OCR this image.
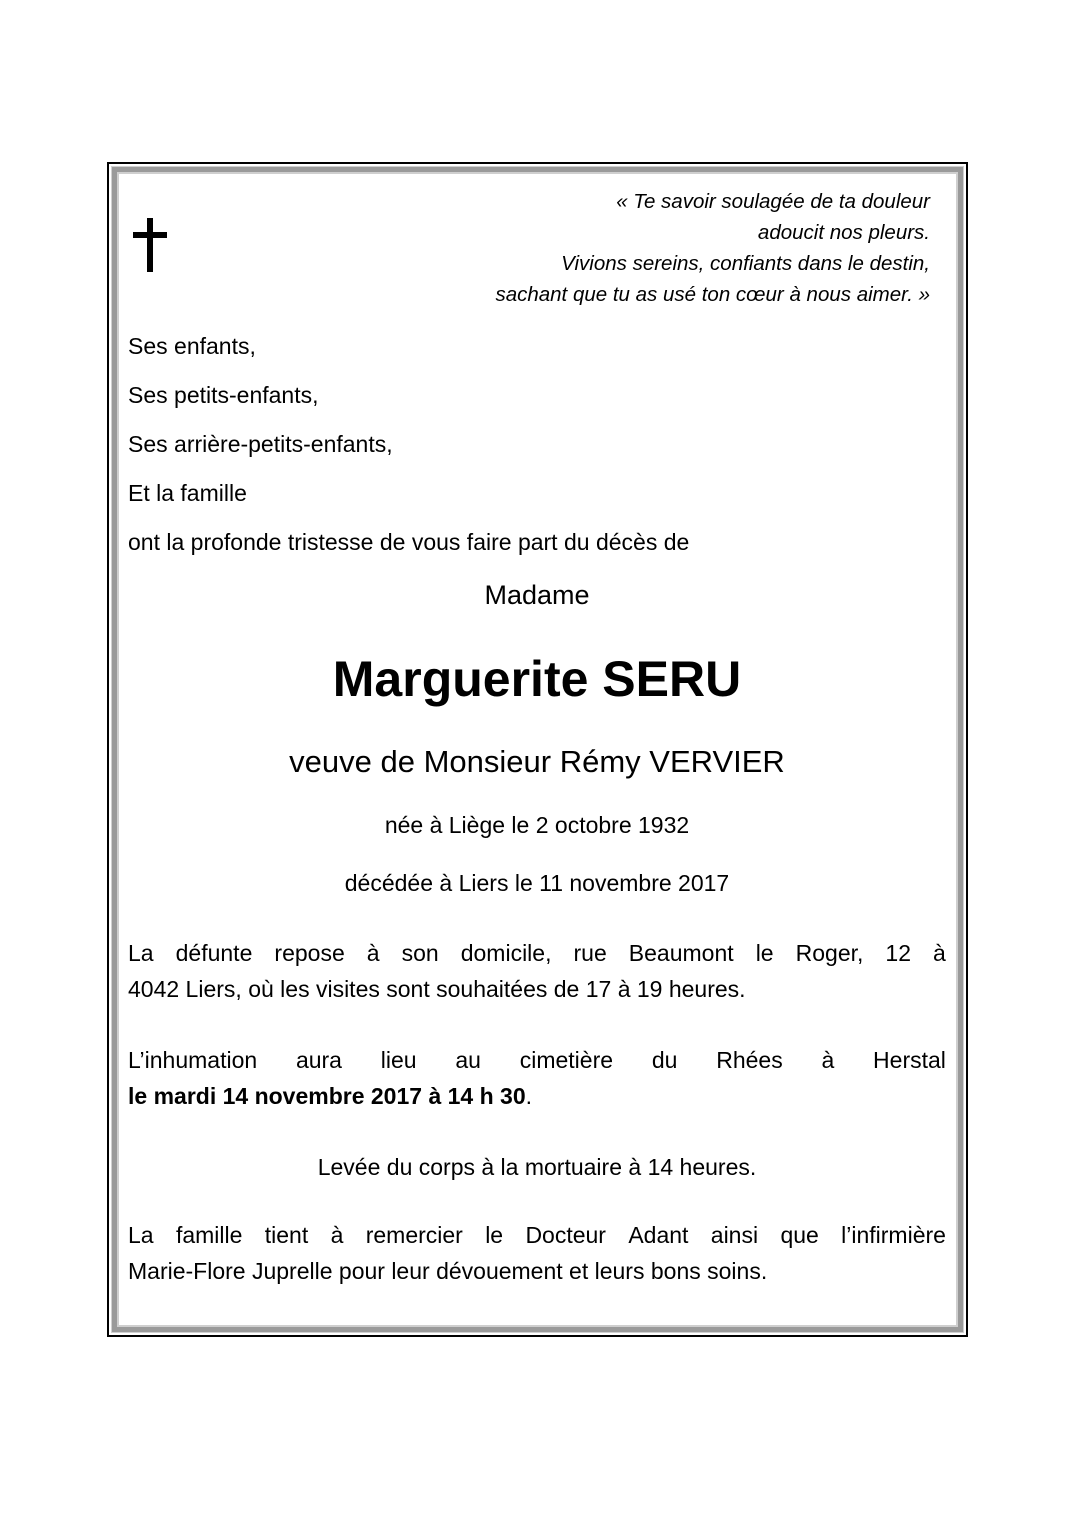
« Te savoir soulagée de ta douleur
adoucit nos pleurs.
Vivions sereins, confiants dans le destin,
sachant que tu as usé ton cœur à nous aimer. »
Ses enfants,
Ses petits-enfants,
Ses arrière-petits-enfants,
Et la famille
ont la profonde tristesse de vous faire part du décès de
Madame
Marguerite SERU
veuve de Monsieur Rémy VERVIER
née à Liège le 2 octobre 1932
décédée à Liers le 11 novembre 2017
La défunte repose à son domicile, rue Beaumont le Roger, 12 à
4042 Liers, où les visites sont souhaitées de 17 à 19 heures.
L’inhumation aura lieu au cimetière du Rhées à Herstal
le mardi 14 novembre 2017 à 14 h 30.
Levée du corps à la mortuaire à 14 heures.
La famille tient à remercier le Docteur Adant ainsi que l’infirmière
Marie-Flore Juprelle pour leur dévouement et leurs bons soins.
